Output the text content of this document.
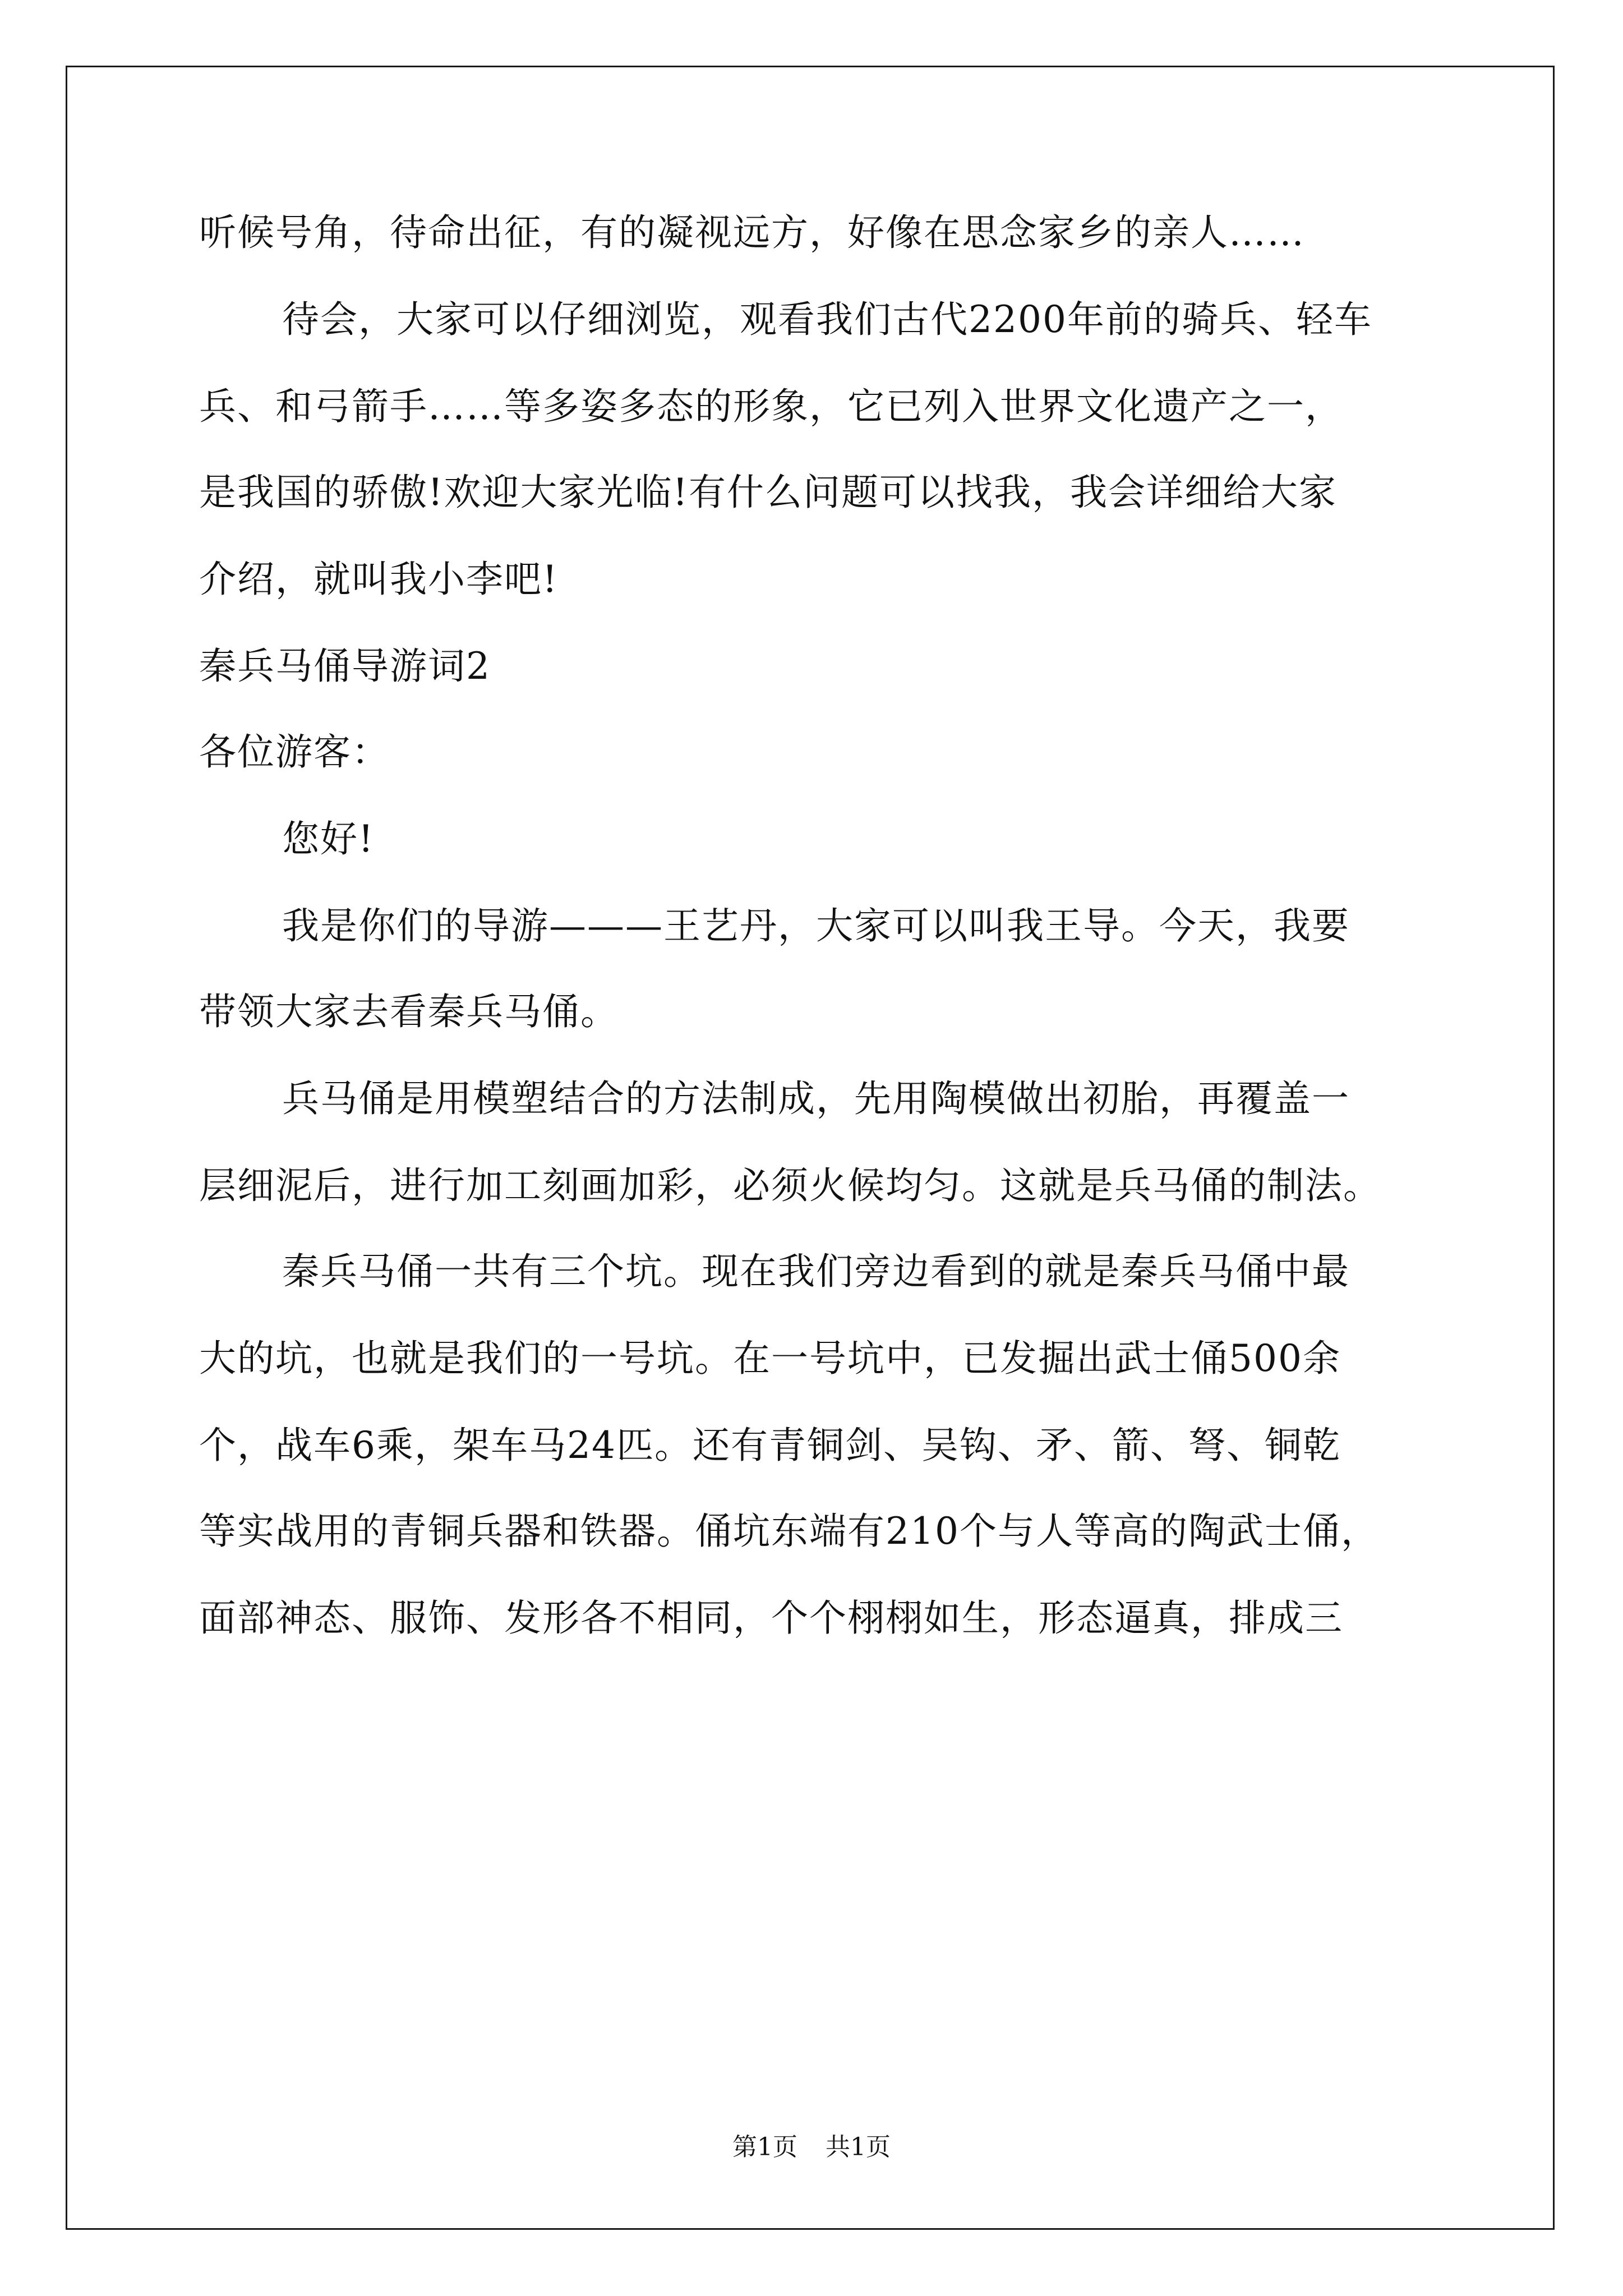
听候号角，待命出征，有的凝视远方，好像在思念家乡的亲人……
待会，大家可以仔细浏览，观看我们古代2200年前的骑兵、轻车
兵、和弓箭手……等多姿多态的形象，它已列入世界文化遗产之一，
是我国的骄傲!欢迎大家光临!有什么问题可以找我，我会详细给大家
介绍，就叫我小李吧!
秦兵马俑导游词2
各位游客：
您好!
我是你们的导游———王艺丹，大家可以叫我王导。今天，我要
带领大家去看秦兵马俑。
兵马俑是用模塑结合的方法制成，先用陶模做出初胎，再覆盖一
层细泥后，进行加工刻画加彩，必须火候均匀。这就是兵马俑的制法。
秦兵马俑一共有三个坑。现在我们旁边看到的就是秦兵马俑中最
大的坑，也就是我们的一号坑。在一号坑中，已发掘出武士俑500余
个，战车6乘，架车马24匹。还有青铜剑、吴钩、矛、箭、弩、铜乾
等实战用的青铜兵器和铁器。俑坑东端有210个与人等高的陶武士俑，
面部神态、服饰、发形各不相同，个个栩栩如生，形态逼真，排成三
第1页 共1页
